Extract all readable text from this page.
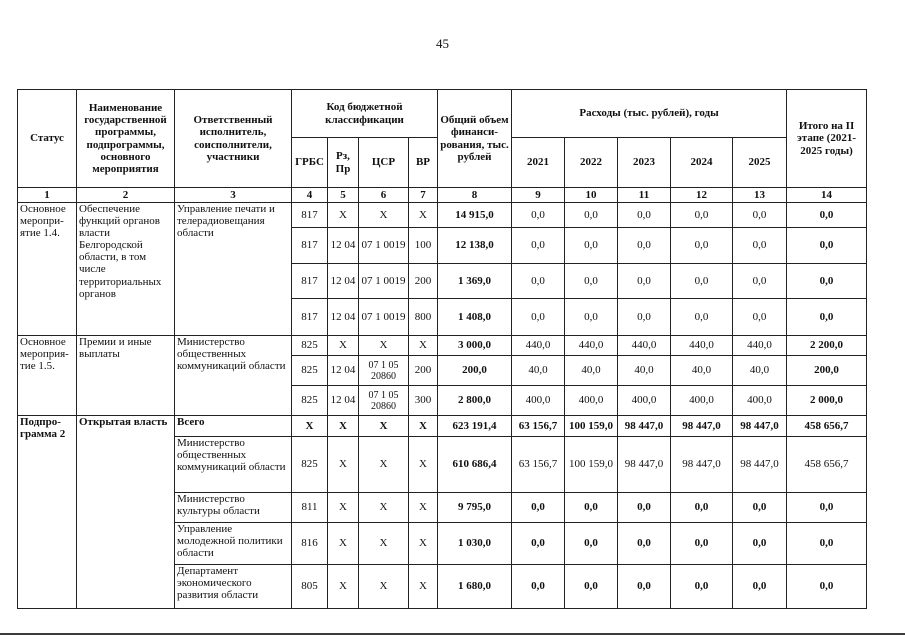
45
Статус	Наименование государственной программы, подпрограммы, основного мероприятия	Ответственный исполнитель, соисполнители, участники	Код бюджетной классификации				Общий объем финанси-рования, тыс. рублей	Расходы (тыс. рублей), годы					Итого на II этапе (2021-2025 годы)
			ГРБС	Рз, Пр	ЦСР	ВР		2021	2022	2023	2024	2025	
1	2	3	4	5	6	7	8	9	10	11	12	13	14
Основное меропри-ятие 1.4.	Обеспечение функций органов власти Белгородской области, в том числе территориальных органов	Управление печати и телерадиовещания области	817	X	X	X	14 915,0	0,0	0,0	0,0	0,0	0,0	0,0
			817	12 04	07 1 0019	100	12 138,0	0,0	0,0	0,0	0,0	0,0	0,0
			817	12 04	07 1 0019	200	1 369,0	0,0	0,0	0,0	0,0	0,0	0,0
			817	12 04	07 1 0019	800	1 408,0	0,0	0,0	0,0	0,0	0,0	0,0
Основное мероприя-тие 1.5.	Премии и иные выплаты	Министерство общественных коммуникаций области	825	X	X	X	3 000,0	440,0	440,0	440,0	440,0	440,0	2 200,0
			825	12 04	07 1 05 20860	200	200,0	40,0	40,0	40,0	40,0	40,0	200,0
			825	12 04	07 1 05 20860	300	2 800,0	400,0	400,0	400,0	400,0	400,0	2 000,0
Подпро-грамма 2	Открытая власть	Всего	X	X	X	X	623 191,4	63 156,7	100 159,0	98 447,0	98 447,0	98 447,0	458 656,7
		Министерство общественных коммуникаций области	825	X	X	X	610 686,4	63 156,7	100 159,0	98 447,0	98 447,0	98 447,0	458 656,7
		Министерство культуры области	811	X	X	X	9 795,0	0,0	0,0	0,0	0,0	0,0	0,0
		Управление молодежной политики области	816	X	X	X	1 030,0	0,0	0,0	0,0	0,0	0,0	0,0
		Департамент экономического развития области	805	X	X	X	1 680,0	0,0	0,0	0,0	0,0	0,0	0,0
